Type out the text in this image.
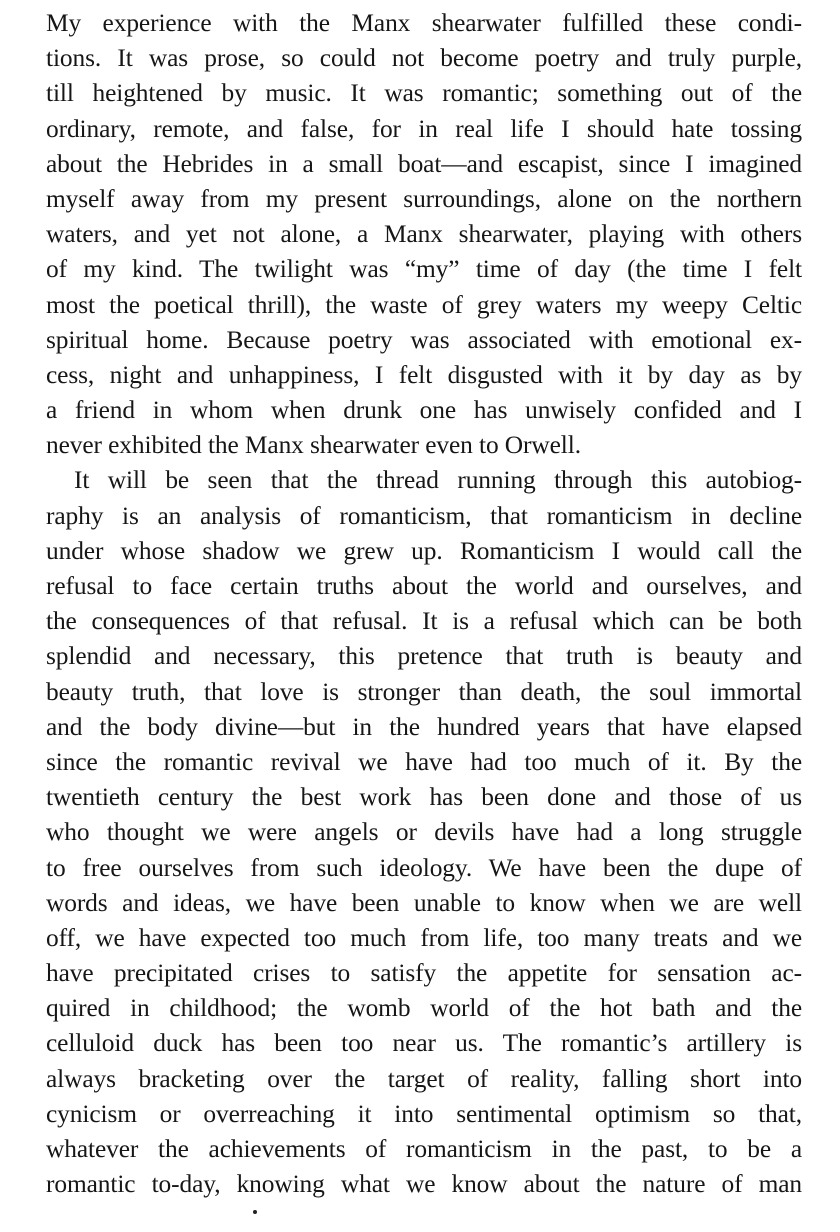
My experience with the Manx shearwater fulfilled these condi-
tions. It was prose, so could not become poetry and truly purple,
till heightened by music. It was romantic; something out of the
ordinary, remote, and false, for in real life I should hate tossing
about the Hebrides in a small boat—and escapist, since I imagined
myself away from my present surroundings, alone on the northern
waters, and yet not alone, a Manx shearwater, playing with others
of my kind. The twilight was “my” time of day (the time I felt
most the poetical thrill), the waste of grey waters my weepy Celtic
spiritual home. Because poetry was associated with emotional ex-
cess, night and unhappiness, I felt disgusted with it by day as by
a friend in whom when drunk one has unwisely confided and I
never exhibited the Manx shearwater even to Orwell.
It will be seen that the thread running through this autobiog-
raphy is an analysis of romanticism, that romanticism in decline
under whose shadow we grew up. Romanticism I would call the
refusal to face certain truths about the world and ourselves, and
the consequences of that refusal. It is a refusal which can be both
splendid and necessary, this pretence that truth is beauty and
beauty truth, that love is stronger than death, the soul immortal
and the body divine—but in the hundred years that have elapsed
since the romantic revival we have had too much of it. By the
twentieth century the best work has been done and those of us
who thought we were angels or devils have had a long struggle
to free ourselves from such ideology. We have been the dupe of
words and ideas, we have been unable to know when we are well
off, we have expected too much from life, too many treats and we
have precipitated crises to satisfy the appetite for sensation ac-
quired in childhood; the womb world of the hot bath and the
celluloid duck has been too near us. The romantic’s artillery is
always bracketing over the target of reality, falling short into
cynicism or overreaching it into sentimental optimism so that,
whatever the achievements of romanticism in the past, to be a
romantic to-day, knowing what we know about the nature of man
